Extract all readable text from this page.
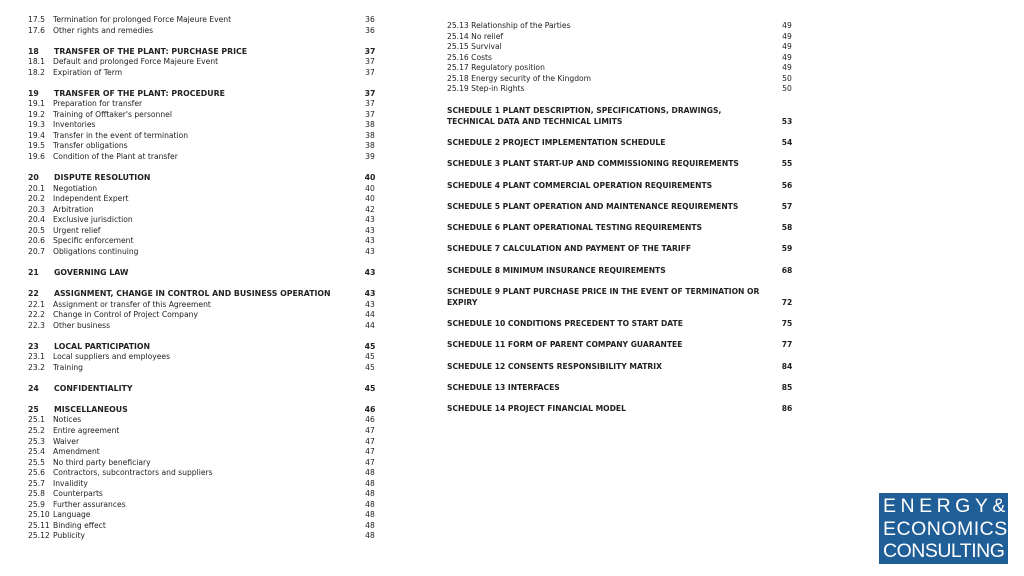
17.5	Termination for prolonged Force Majeure Event	36
17.6	Other rights and remedies	36
18	TRANSFER OF THE PLANT: PURCHASE PRICE	37
18.1	Default and prolonged Force Majeure Event	37
18.2	Expiration of Term	37
19	TRANSFER OF THE PLANT: PROCEDURE	37
19.1	Preparation for transfer	37
19.2	Training of Offtaker's personnel	37
19.3	Inventories	38
19.4	Transfer in the event of termination	38
19.5	Transfer obligations	38
19.6	Condition of the Plant at transfer	39
20	DISPUTE RESOLUTION	40
20.1	Negotiation	40
20.2	Independent Expert	40
20.3	Arbitration	42
20.4	Exclusive jurisdiction	43
20.5	Urgent relief	43
20.6	Specific enforcement	43
20.7	Obligations continuing	43
21	GOVERNING LAW	43
22	ASSIGNMENT, CHANGE IN CONTROL AND BUSINESS OPERATION	43
22.1	Assignment or transfer of this Agreement	43
22.2	Change in Control of Project Company	44
22.3	Other business	44
23	LOCAL PARTICIPATION	45
23.1	Local suppliers and employees	45
23.2	Training	45
24	CONFIDENTIALITY	45
25	MISCELLANEOUS	46
25.1	Notices	46
25.2	Entire agreement	47
25.3	Waiver	47
25.4	Amendment	47
25.5	No third party beneficiary	47
25.6	Contractors, subcontractors and suppliers	48
25.7	Invalidity	48
25.8	Counterparts	48
25.9	Further assurances	48
25.10 Language	48
25.11 Binding effect	48
25.12 Publicity	48
25.13 Relationship of the Parties	49
25.14 No relief	49
25.15 Survival	49
25.16 Costs	49
25.17 Regulatory position	49
25.18 Energy security of the Kingdom	50
25.19 Step-in Rights	50
SCHEDULE 1 PLANT DESCRIPTION, SPECIFICATIONS, DRAWINGS, TECHNICAL DATA AND TECHNICAL LIMITS	53
SCHEDULE 2 PROJECT IMPLEMENTATION SCHEDULE	54
SCHEDULE 3 PLANT START-UP AND COMMISSIONING REQUIREMENTS	55
SCHEDULE 4 PLANT COMMERCIAL OPERATION REQUIREMENTS	56
SCHEDULE 5 PLANT OPERATION AND MAINTENANCE REQUIREMENTS	57
SCHEDULE 6 PLANT OPERATIONAL TESTING REQUIREMENTS	58
SCHEDULE 7 CALCULATION AND PAYMENT OF THE TARIFF	59
SCHEDULE 8 MINIMUM INSURANCE REQUIREMENTS	68
SCHEDULE 9 PLANT PURCHASE PRICE IN THE EVENT OF TERMINATION OR EXPIRY	72
SCHEDULE 10 CONDITIONS PRECEDENT TO START DATE	75
SCHEDULE 11 FORM OF PARENT COMPANY GUARANTEE	77
SCHEDULE 12 CONSENTS RESPONSIBILITY MATRIX	84
SCHEDULE 13 INTERFACES	85
SCHEDULE 14 PROJECT FINANCIAL MODEL	86
ENERGY&
ECONOMICS
CONSULTING
